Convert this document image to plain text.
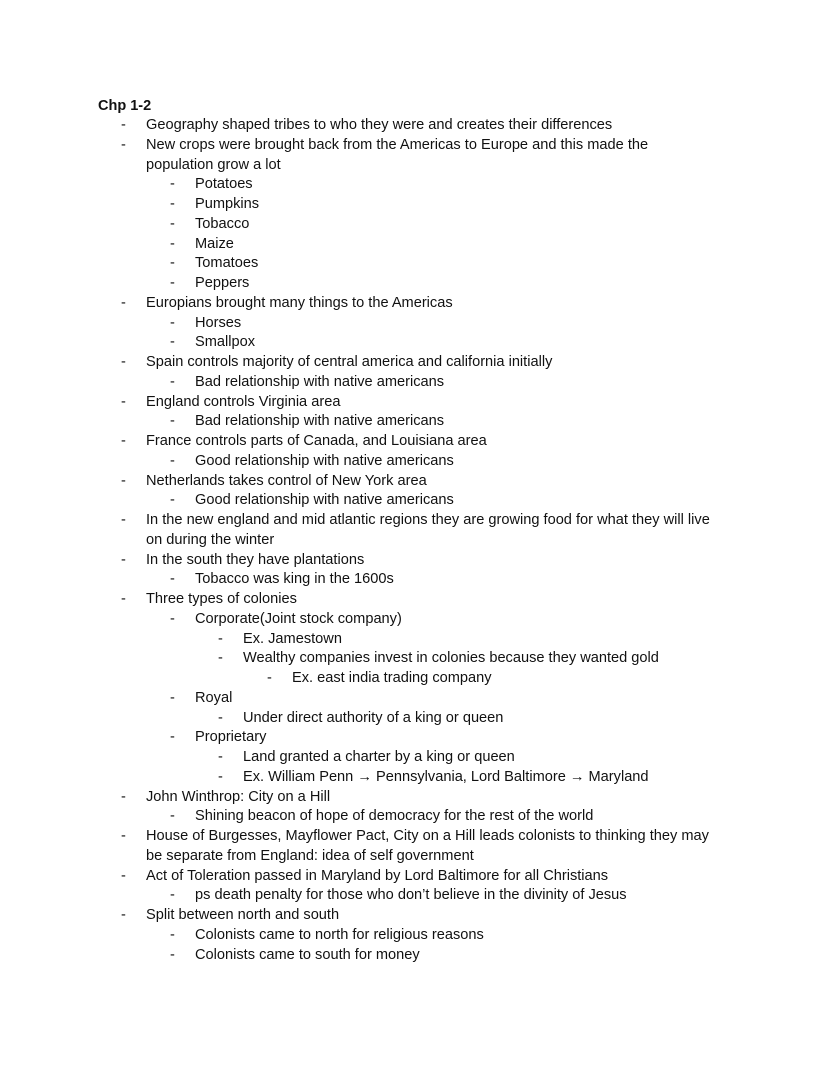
Chp 1-2
- Geography shaped tribes to who they were and creates their differences
- New crops were brought back from the Americas to Europe and this made the
population grow a lot
- Potatoes
- Pumpkins
- Tobacco
- Maize
- Tomatoes
- Peppers
- Europians brought many things to the Americas
- Horses
- Smallpox
- Spain controls majority of central america and california initially
- Bad relationship with native americans
- England controls Virginia area
- Bad relationship with native americans
- France controls parts of Canada, and Louisiana area
- Good relationship with native americans
- Netherlands takes control of New York area
- Good relationship with native americans
- In the new england and mid atlantic regions they are growing food for what they will live
on during the winter
- In the south they have plantations
- Tobacco was king in the 1600s
- Three types of colonies
- Corporate(Joint stock company)
- Ex. Jamestown
- Wealthy companies invest in colonies because they wanted gold
- Ex. east india trading company
- Royal
- Under direct authority of a king or queen
- Proprietary
- Land granted a charter by a king or queen
- Ex. William Penn → Pennsylvania, Lord Baltimore → Maryland
- John Winthrop: City on a Hill
- Shining beacon of hope of democracy for the rest of the world
- House of Burgesses, Mayflower Pact, City on a Hill leads colonists to thinking they may
be separate from England: idea of self government
- Act of Toleration passed in Maryland by Lord Baltimore for all Christians
- ps death penalty for those who don’t believe in the divinity of Jesus
- Split between north and south
- Colonists came to north for religious reasons
- Colonists came to south for money
